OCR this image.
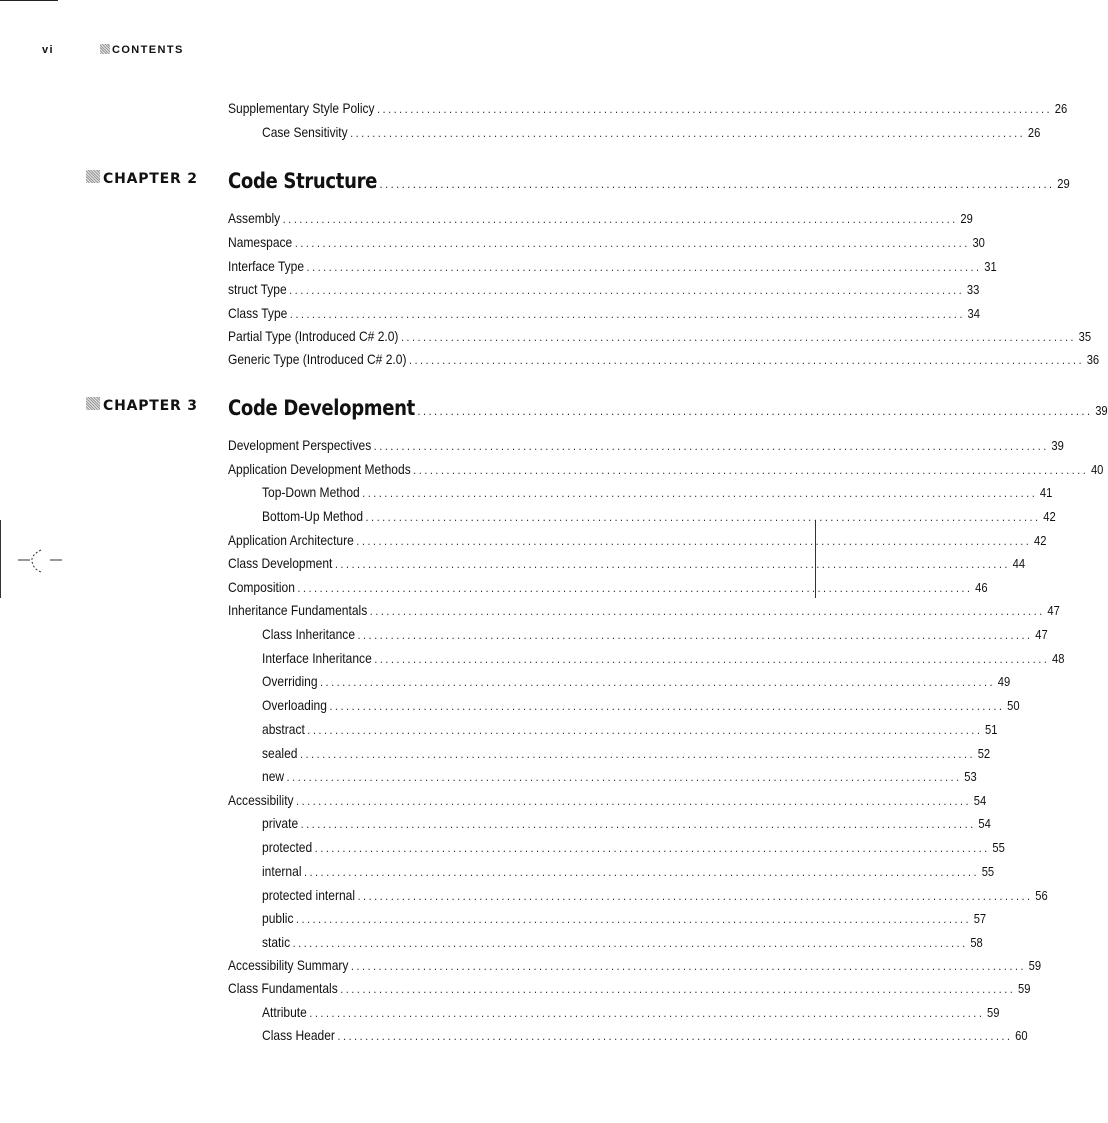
vi	CONTENTS
Supplementary Style Policy .......................................................................................................................... 26
Case Sensitivity .......................................................................................................................... 26
CHAPTER 2 Code Structure .......................................................................................................................... 29
Assembly .......................................................................................................................... 29
Namespace .......................................................................................................................... 30
Interface Type .......................................................................................................................... 31
struct Type .......................................................................................................................... 33
Class Type .......................................................................................................................... 34
Partial Type (Introduced C# 2.0) .......................................................................................................................... 35
Generic Type (Introduced C# 2.0) .......................................................................................................................... 36
CHAPTER 3 Code Development .......................................................................................................................... 39
Development Perspectives .......................................................................................................................... 39
Application Development Methods .......................................................................................................................... 40
Top-Down Method .......................................................................................................................... 41
Bottom-Up Method .......................................................................................................................... 42
Application Architecture .......................................................................................................................... 42
Class Development .......................................................................................................................... 44
Composition .......................................................................................................................... 46
Inheritance Fundamentals .......................................................................................................................... 47
Class Inheritance .......................................................................................................................... 47
Interface Inheritance .......................................................................................................................... 48
Overriding .......................................................................................................................... 49
Overloading .......................................................................................................................... 50
abstract .......................................................................................................................... 51
sealed .......................................................................................................................... 52
new .......................................................................................................................... 53
Accessibility .......................................................................................................................... 54
private .......................................................................................................................... 54
protected .......................................................................................................................... 55
internal .......................................................................................................................... 55
protected internal .......................................................................................................................... 56
public .......................................................................................................................... 57
static .......................................................................................................................... 58
Accessibility Summary .......................................................................................................................... 59
Class Fundamentals .......................................................................................................................... 59
Attribute .......................................................................................................................... 59
Class Header .......................................................................................................................... 60
